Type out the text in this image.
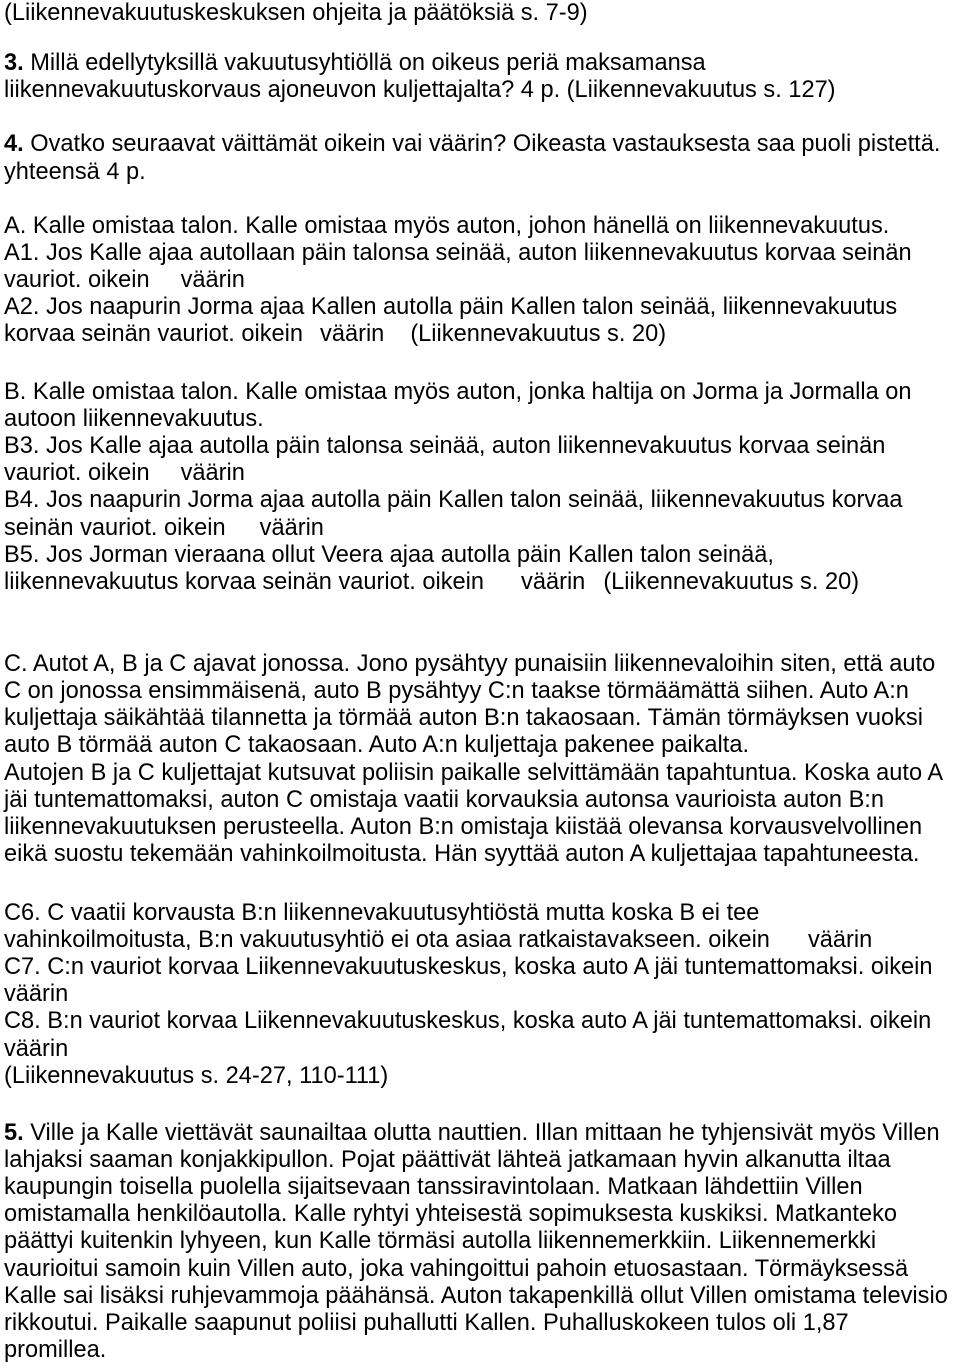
(Liikennevakuutuskeskuksen ohjeita ja päätöksiä s. 7-9)
3. Millä edellytyksillä vakuutusyhtiöllä on oikeus periä maksamansa
liikennevakuutuskorvaus ajoneuvon kuljettajalta? 4 p. (Liikennevakuutus s. 127)
4. Ovatko seuraavat väittämät oikein vai väärin? Oikeasta vastauksesta saa puoli pistettä.
yhteensä 4 p.
A. Kalle omistaa talon. Kalle omistaa myös auton, johon hänellä on liikennevakuutus.
A1. Jos Kalle ajaa autollaan päin talonsa seinää, auton liikennevakuutus korvaa seinän
vauriot. oikein väärin
A2. Jos naapurin Jorma ajaa Kallen autolla päin Kallen talon seinää, liikennevakuutus
korvaa seinän vauriot. oikein väärin (Liikennevakuutus s. 20)
B. Kalle omistaa talon. Kalle omistaa myös auton, jonka haltija on Jorma ja Jormalla on
autoon liikennevakuutus.
B3. Jos Kalle ajaa autolla päin talonsa seinää, auton liikennevakuutus korvaa seinän
vauriot. oikein väärin
B4. Jos naapurin Jorma ajaa autolla päin Kallen talon seinää, liikennevakuutus korvaa
seinän vauriot. oikein väärin
B5. Jos Jorman vieraana ollut Veera ajaa autolla päin Kallen talon seinää,
liikennevakuutus korvaa seinän vauriot. oikein väärin (Liikennevakuutus s. 20)
C. Autot A, B ja C ajavat jonossa. Jono pysähtyy punaisiin liikennevaloihin siten, että auto
C on jonossa ensimmäisenä, auto B pysähtyy C:n taakse törmäämättä siihen. Auto A:n
kuljettaja säikähtää tilannetta ja törmää auton B:n takaosaan. Tämän törmäyksen vuoksi
auto B törmää auton C takaosaan. Auto A:n kuljettaja pakenee paikalta.
Autojen B ja C kuljettajat kutsuvat poliisin paikalle selvittämään tapahtuntua. Koska auto A
jäi tuntemattomaksi, auton C omistaja vaatii korvauksia autonsa vaurioista auton B:n
liikennevakuutuksen perusteella. Auton B:n omistaja kiistää olevansa korvausvelvollinen
eikä suostu tekemään vahinkoilmoitusta. Hän syyttää auton A kuljettajaa tapahtuneesta.
C6. C vaatii korvausta B:n liikennevakuutusyhtiöstä mutta koska B ei tee
vahinkoilmoitusta, B:n vakuutusyhtiö ei ota asiaa ratkaistavakseen. oikein väärin
C7. C:n vauriot korvaa Liikennevakuutuskeskus, koska auto A jäi tuntemattomaksi. oikein
väärin
C8. B:n vauriot korvaa Liikennevakuutuskeskus, koska auto A jäi tuntemattomaksi. oikein
väärin
(Liikennevakuutus s. 24-27, 110-111)
5. Ville ja Kalle viettävät saunailtaa olutta nauttien. Illan mittaan he tyhjensivät myös Villen
lahjaksi saaman konjakkipullon. Pojat päättivät lähteä jatkamaan hyvin alkanutta iltaa
kaupungin toisella puolella sijaitsevaan tanssiravintolaan. Matkaan lähdettiin Villen
omistamalla henkilöautolla. Kalle ryhtyi yhteisestä sopimuksesta kuskiksi. Matkanteko
päättyi kuitenkin lyhyeen, kun Kalle törmäsi autolla liikennemerkkiin. Liikennemerkki
vaurioitui samoin kuin Villen auto, joka vahingoittui pahoin etuosastaan. Törmäyksessä
Kalle sai lisäksi ruhjevammoja päähänsä. Auton takapenkillä ollut Villen omistama televisio
rikkoutui. Paikalle saapunut poliisi puhallutti Kallen. Puhalluskokeen tulos oli 1,87
promillea.
